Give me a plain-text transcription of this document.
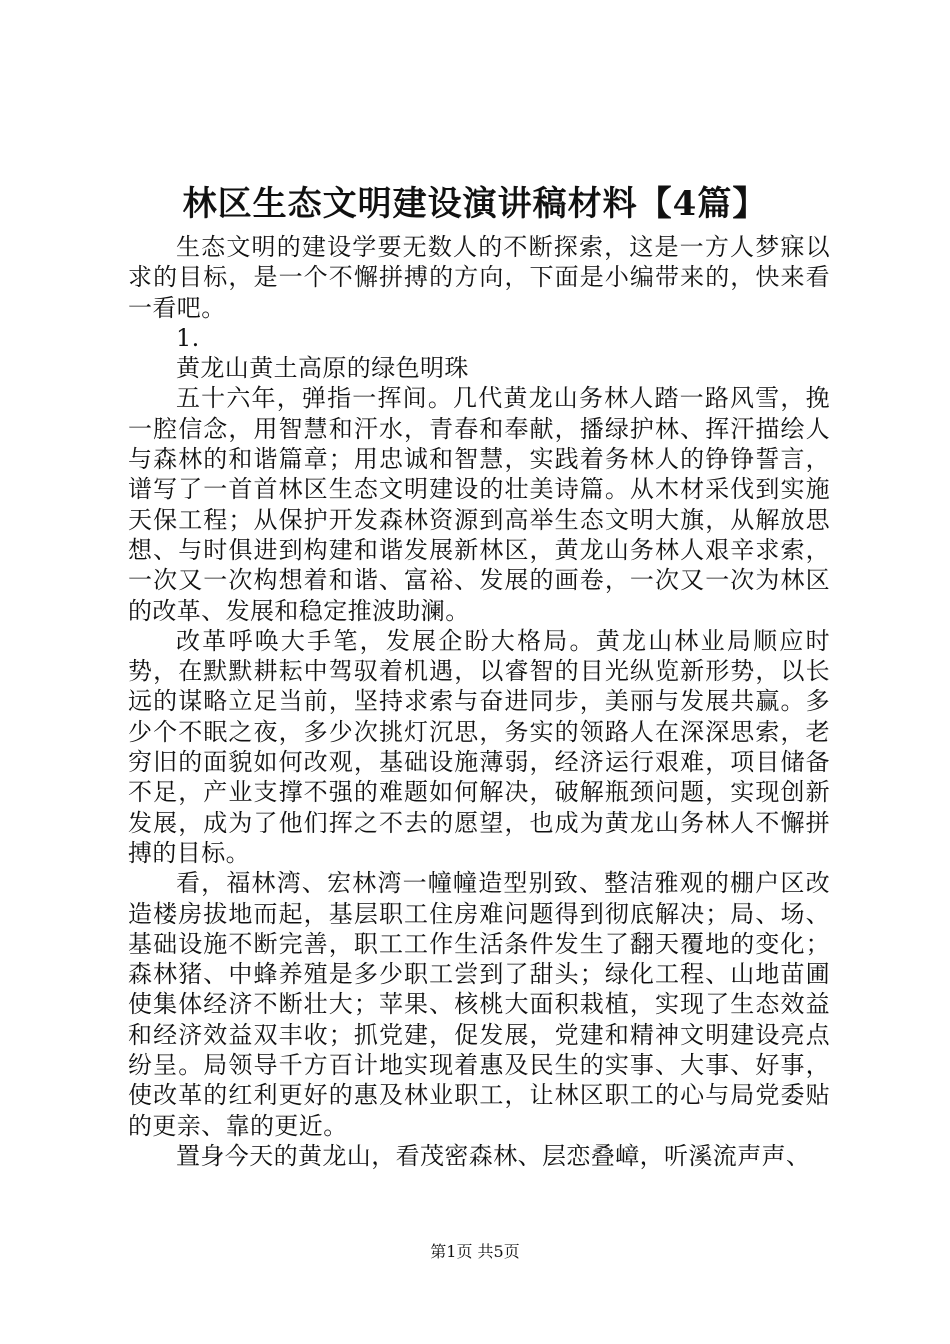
林区生态文明建设演讲稿材料【4篇】

生态文明的建设学要无数人的不断探索，这是一方人梦寐以求的目标，是一个不懈拼搏的方向，下面是小编带来的，快来看一看吧。

1.

黄龙山黄土高原的绿色明珠

五十六年，弹指一挥间。几代黄龙山务林人踏一路风雪，挽一腔信念，用智慧和汗水，青春和奉献，播绿护林、挥汗描绘人与森林的和谐篇章；用忠诚和智慧，实践着务林人的铮铮誓言，谱写了一首首林区生态文明建设的壮美诗篇。从木材采伐到实施天保工程；从保护开发森林资源到高举生态文明大旗，从解放思想、与时俱进到构建和谐发展新林区，黄龙山务林人艰辛求索，一次又一次构想着和谐、富裕、发展的画卷，一次又一次为林区的改革、发展和稳定推波助澜。

改革呼唤大手笔，发展企盼大格局。黄龙山林业局顺应时势，在默默耕耘中驾驭着机遇，以睿智的目光纵览新形势，以长远的谋略立足当前，坚持求索与奋进同步，美丽与发展共赢。多少个不眠之夜，多少次挑灯沉思，务实的领路人在深深思索，老穷旧的面貌如何改观，基础设施薄弱，经济运行艰难，项目储备不足，产业支撑不强的难题如何解决，破解瓶颈问题，实现创新发展，成为了他们挥之不去的愿望，也成为黄龙山务林人不懈拼搏的目标。

看，福林湾、宏林湾一幢幢造型别致、整洁雅观的棚户区改造楼房拔地而起，基层职工住房难问题得到彻底解决；局、场、基础设施不断完善，职工工作生活条件发生了翻天覆地的变化；森林猪、中蜂养殖是多少职工尝到了甜头；绿化工程、山地苗圃使集体经济不断壮大；苹果、核桃大面积栽植，实现了生态效益和经济效益双丰收；抓党建，促发展，党建和精神文明建设亮点纷呈。局领导千方百计地实现着惠及民生的实事、大事、好事，使改革的红利更好的惠及林业职工，让林区职工的心与局党委贴的更亲、靠的更近。

置身今天的黄龙山，看茂密森林、层恋叠嶂，听溪流声声、

第1页 共5页
